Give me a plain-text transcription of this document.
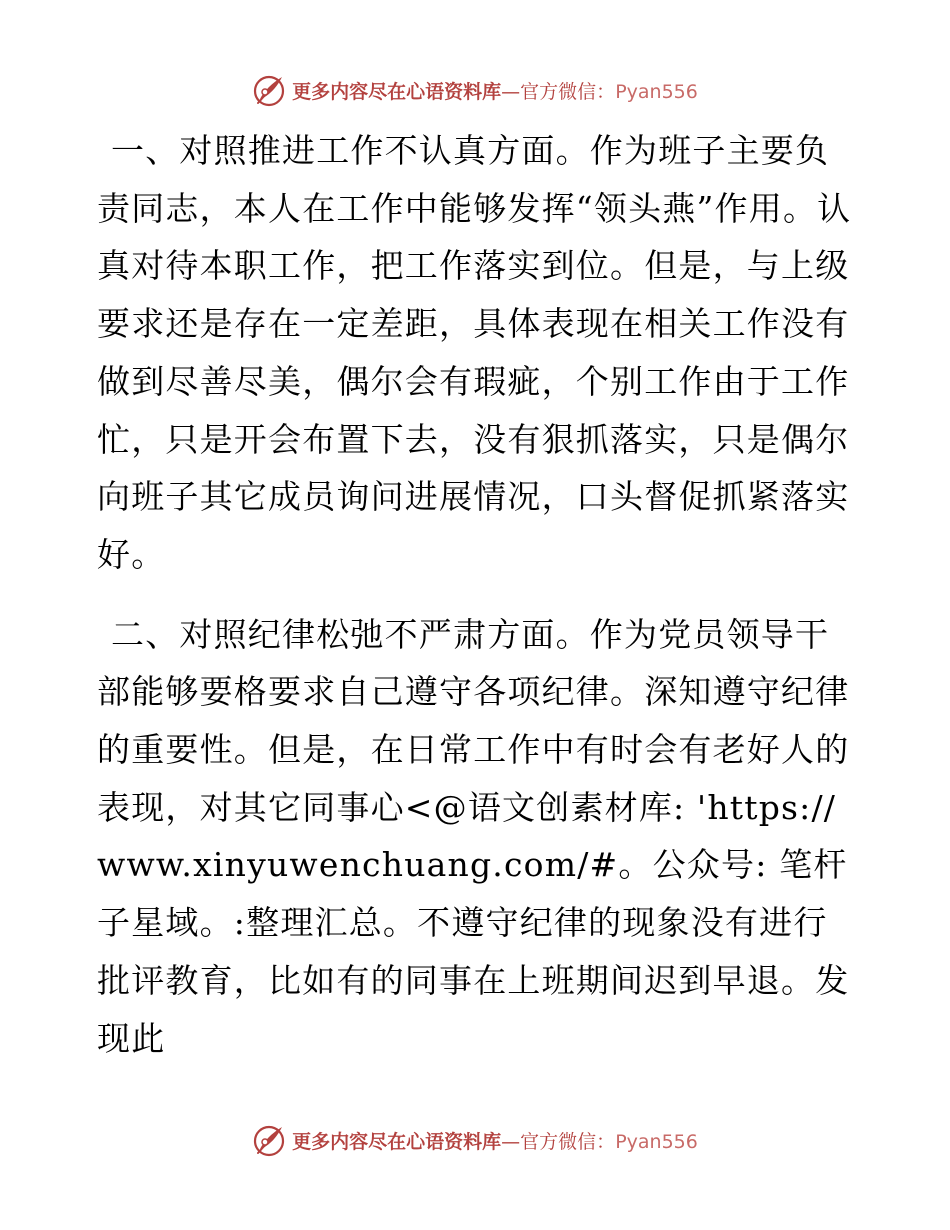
更多内容尽在心语资料库—官方微信：Pyan556

一、对照推进工作不认真方面。作为班子主要负责同志，本人在工作中能够发挥“领头燕”作用。认真对待本职工作，把工作落实到位。但是，与上级要求还是存在一定差距，具体表现在相关工作没有做到尽善尽美，偶尔会有瑕疵，个别工作由于工作忙，只是开会布置下去，没有狠抓落实，只是偶尔向班子其它成员询问进展情况，口头督促抓紧落实好。

二、对照纪律松弛不严肃方面。作为党员领导干部能够要格要求自己遵守各项纪律。深知遵守纪律的重要性。但是，在日常工作中有时会有老好人的表现，对其它同事心<@语文创素材库: 'https://www.xinyuwenchuang.com/#。公众号: 笔杆子星域。:整理汇总。不遵守纪律的现象没有进行批评教育，比如有的同事在上班期间迟到早退。发现此

更多内容尽在心语资料库—官方微信：Pyan556
